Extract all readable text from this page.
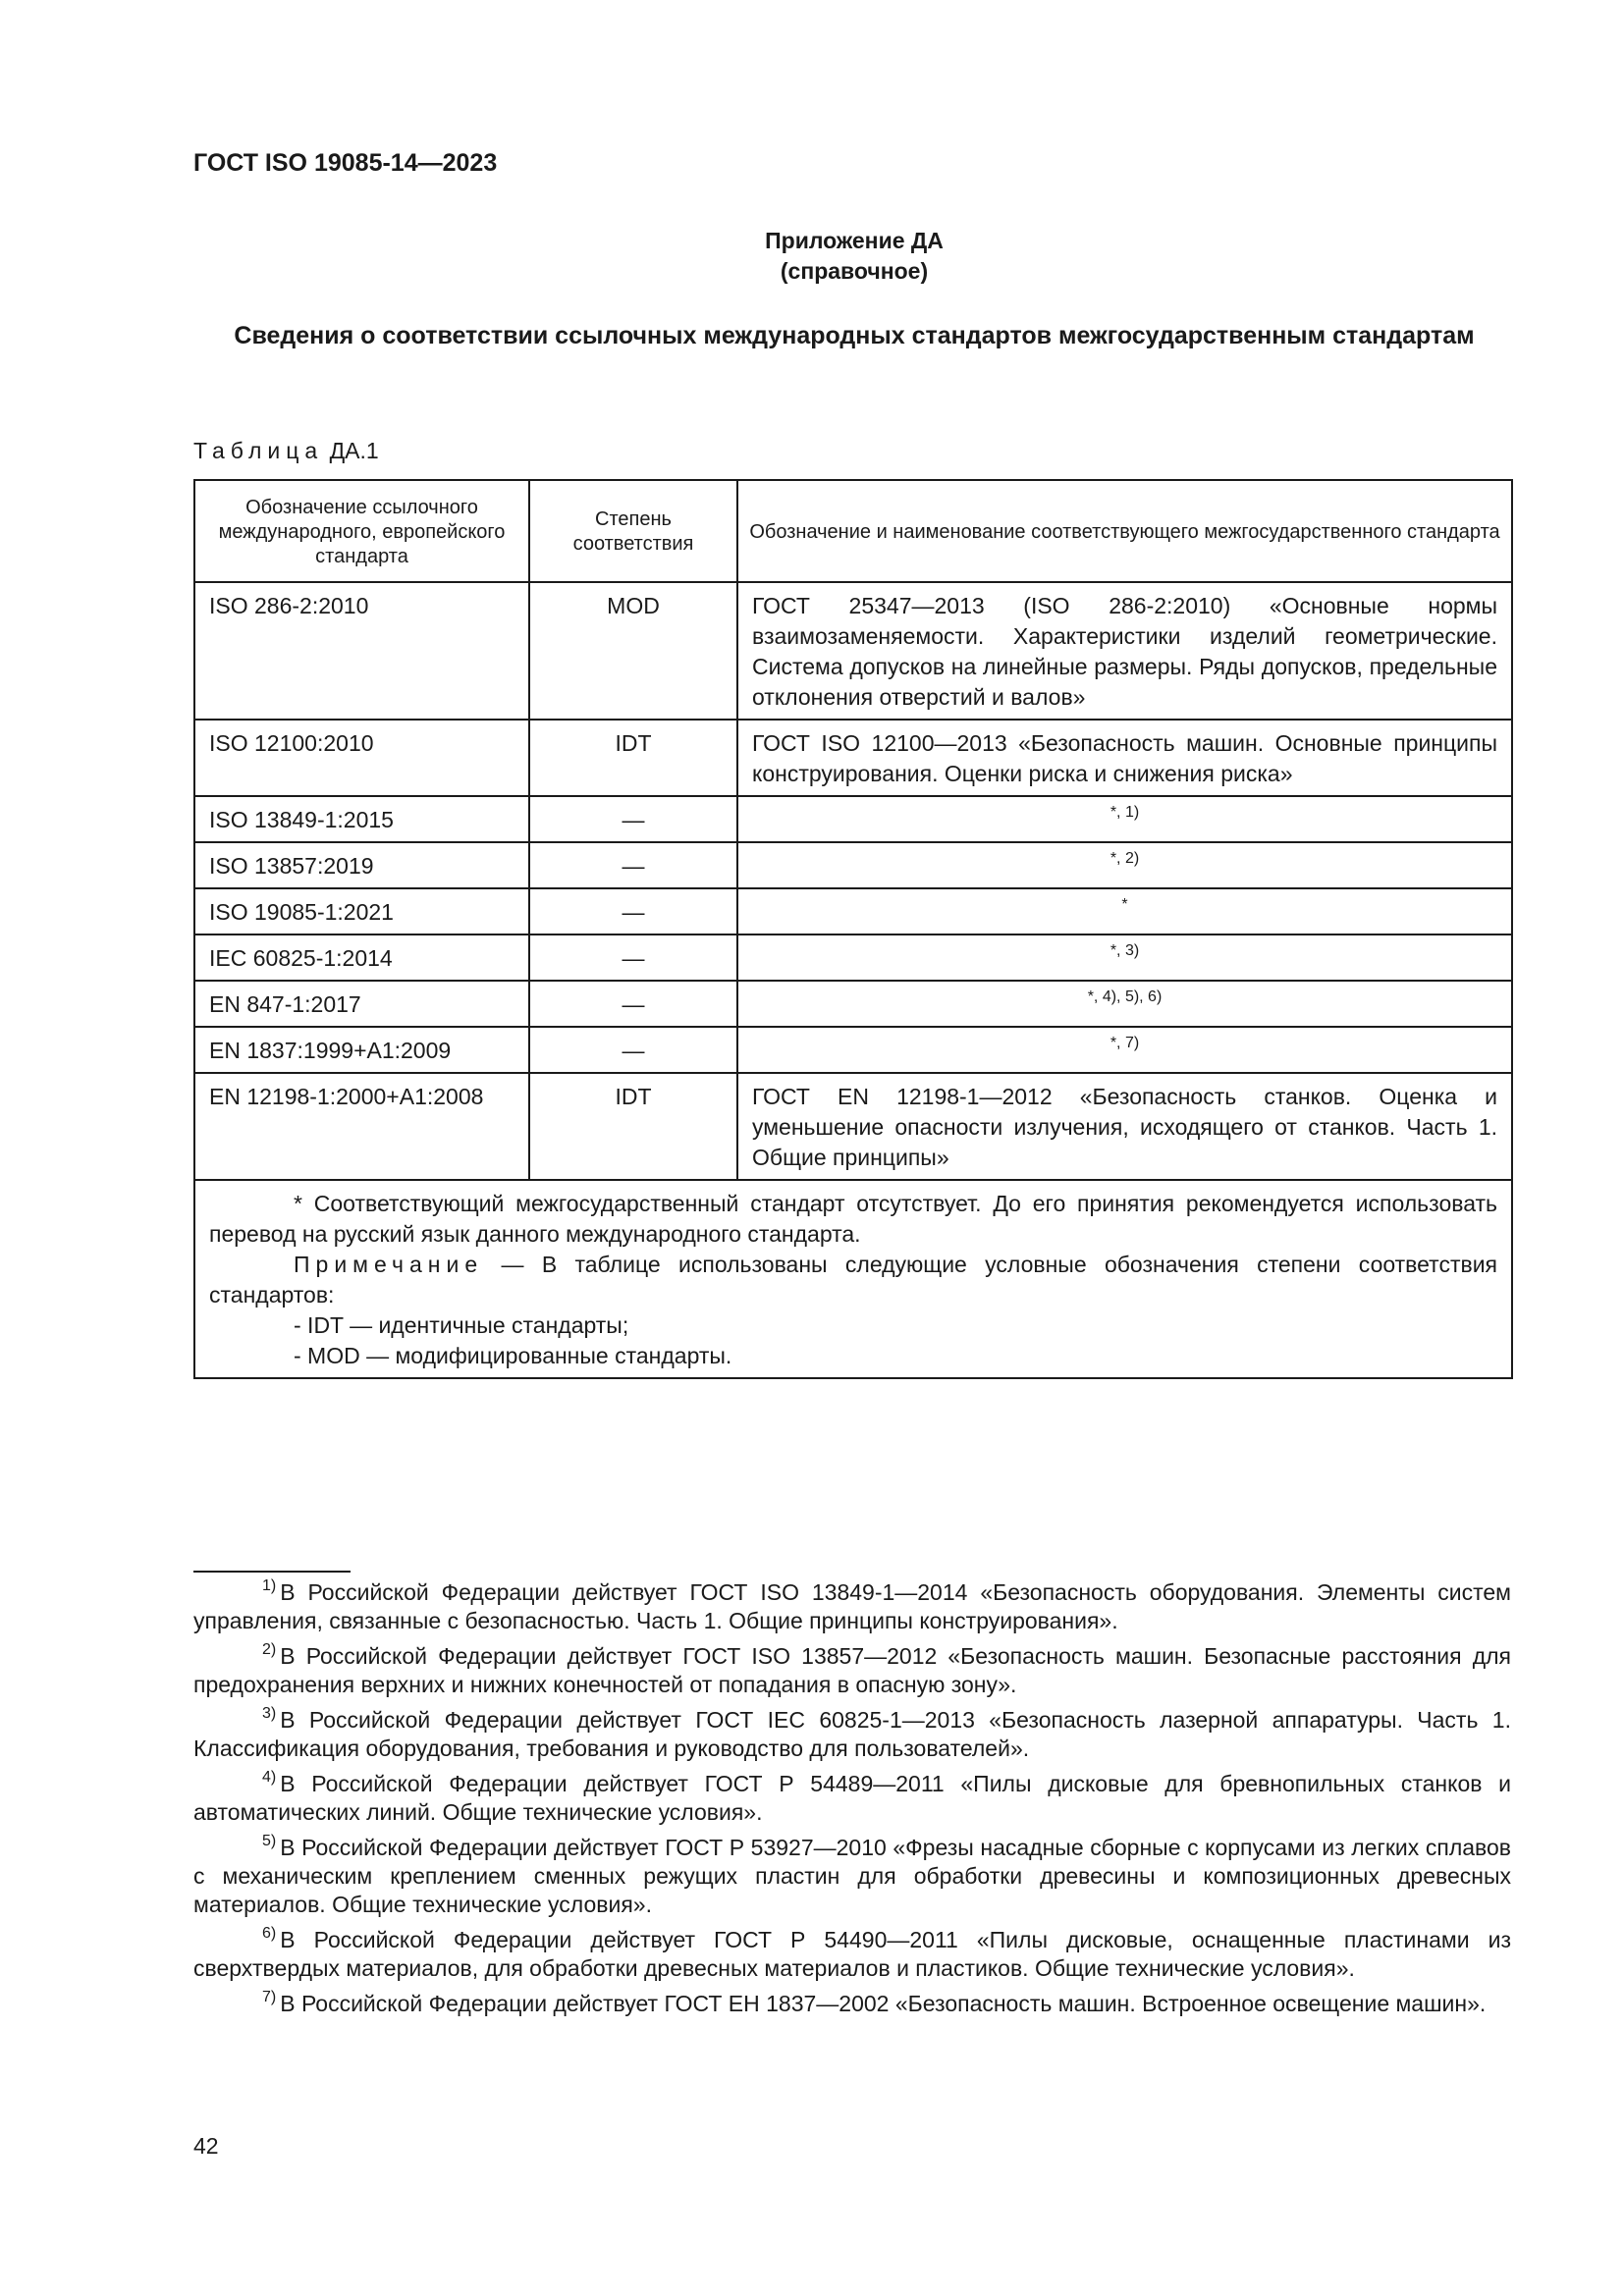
ГОСТ ISO 19085-14—2023
Приложение ДА
(справочное)
Сведения о соответствии ссылочных международных стандартов межгосударственным стандартам
Таблица ДА.1
Обозначение ссылочного международного, европейского стандарта	Степень соответствия	Обозначение и наименование соответствующего межгосударственного стандарта
ISO 286-2:2010	MOD	ГОСТ 25347—2013 (ISO 286-2:2010) «Основные нормы взаимозаменяемости. Характеристики изделий геометрические. Система допусков на линейные размеры. Ряды допусков, предельные отклонения отверстий и валов»
ISO 12100:2010	IDT	ГОСТ ISO 12100—2013 «Безопасность машин. Основные принципы конструирования. Оценки риска и снижения риска»
ISO 13849-1:2015	—	*, 1)
ISO 13857:2019	—	*, 2)
ISO 19085-1:2021	—	*
IEC 60825-1:2014	—	*, 3)
EN 847-1:2017	—	*, 4), 5), 6)
EN 1837:1999+A1:2009	—	*, 7)
EN 12198-1:2000+A1:2008	IDT	ГОСТ EN 12198-1—2012 «Безопасность станков. Оценка и уменьшение опасности излучения, исходящего от станков. Часть 1. Общие принципы»

* Соответствующий межгосударственный стандарт отсутствует. До его принятия рекомендуется использовать перевод на русский язык данного международного стандарта.
Примечание — В таблице использованы следующие условные обозначения степени соответствия стандартов:
- IDT — идентичные стандарты;
- MOD — модифицированные стандарты.		
$^{1)}$ В Российской Федерации действует ГОСТ ISO 13849-1—2014 «Безопасность оборудования. Элементы систем управления, связанные с безопасностью. Часть 1. Общие принципы конструирования».
$^{2)}$ В Российской Федерации действует ГОСТ ISO 13857—2012 «Безопасность машин. Безопасные расстояния для предохранения верхних и нижних конечностей от попадания в опасную зону».
$^{3)}$ В Российской Федерации действует ГОСТ IEC 60825-1—2013 «Безопасность лазерной аппаратуры. Часть 1. Классификация оборудования, требования и руководство для пользователей».
$^{4)}$ В Российской Федерации действует ГОСТ Р 54489—2011 «Пилы дисковые для бревнопильных станков и автоматических линий. Общие технические условия».
$^{5)}$ В Российской Федерации действует ГОСТ Р 53927—2010 «Фрезы насадные сборные с корпусами из легких сплавов с механическим креплением сменных режущих пластин для обработки древесины и композиционных древесных материалов. Общие технические условия».
$^{6)}$ В Российской Федерации действует ГОСТ Р 54490—2011 «Пилы дисковые, оснащенные пластинами из сверхтвердых материалов, для обработки древесных материалов и пластиков. Общие технические условия».
$^{7)}$ В Российской Федерации действует ГОСТ ЕН 1837—2002 «Безопасность машин. Встроенное освещение машин».
42
